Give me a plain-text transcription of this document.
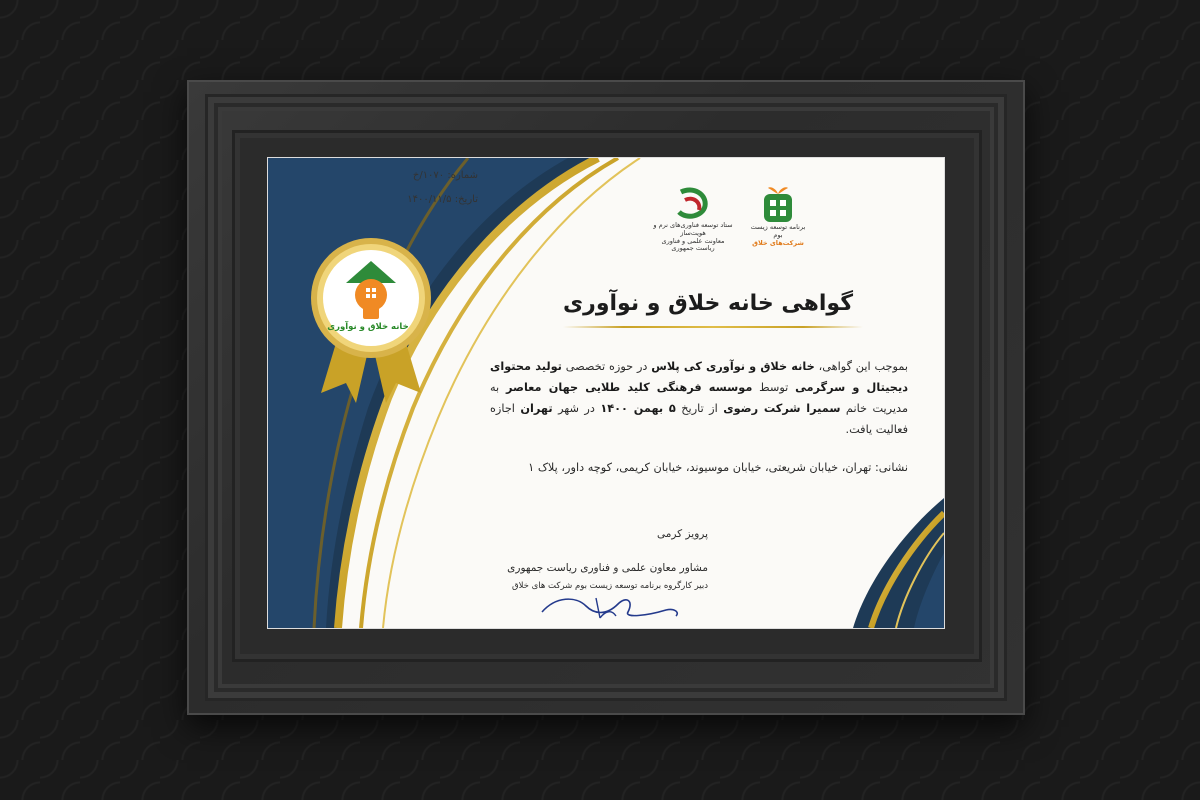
خانه خلاق و نوآوری
شماره: ۱۰۷۰/خ
تاریخ: ۱۴۰۰/۱۱/۵
ستاد توسعه فناوری‌های نرم و هویت‌ساز
معاونت علمی و فناوری ریاست جمهوری
برنامه توسعه زیست بوم
شرکت‌های خلاق
گواهی خانه خلاق و نوآوری
بموجب این گواهی، خانه خلاق و نوآوری کی پلاس در حوزه تخصصی تولید محتوای دیجیتال و سرگرمی توسط موسسه فرهنگی کلید طلایی جهان معاصر به مدیریت خانم سمیرا شرکت رضوی از تاریخ ۵ بهمن ۱۴۰۰ در شهر تهران اجازه فعالیت یافت.
نشانی: تهران، خیابان شریعتی، خیابان موسیوند، خیابان کریمی، کوچه داور، پلاک ۱
پرویز کرمی
مشاور معاون علمی و فناوری ریاست جمهوری
دبیر کارگروه برنامه توسعه زیست بوم شرکت های خلاق
